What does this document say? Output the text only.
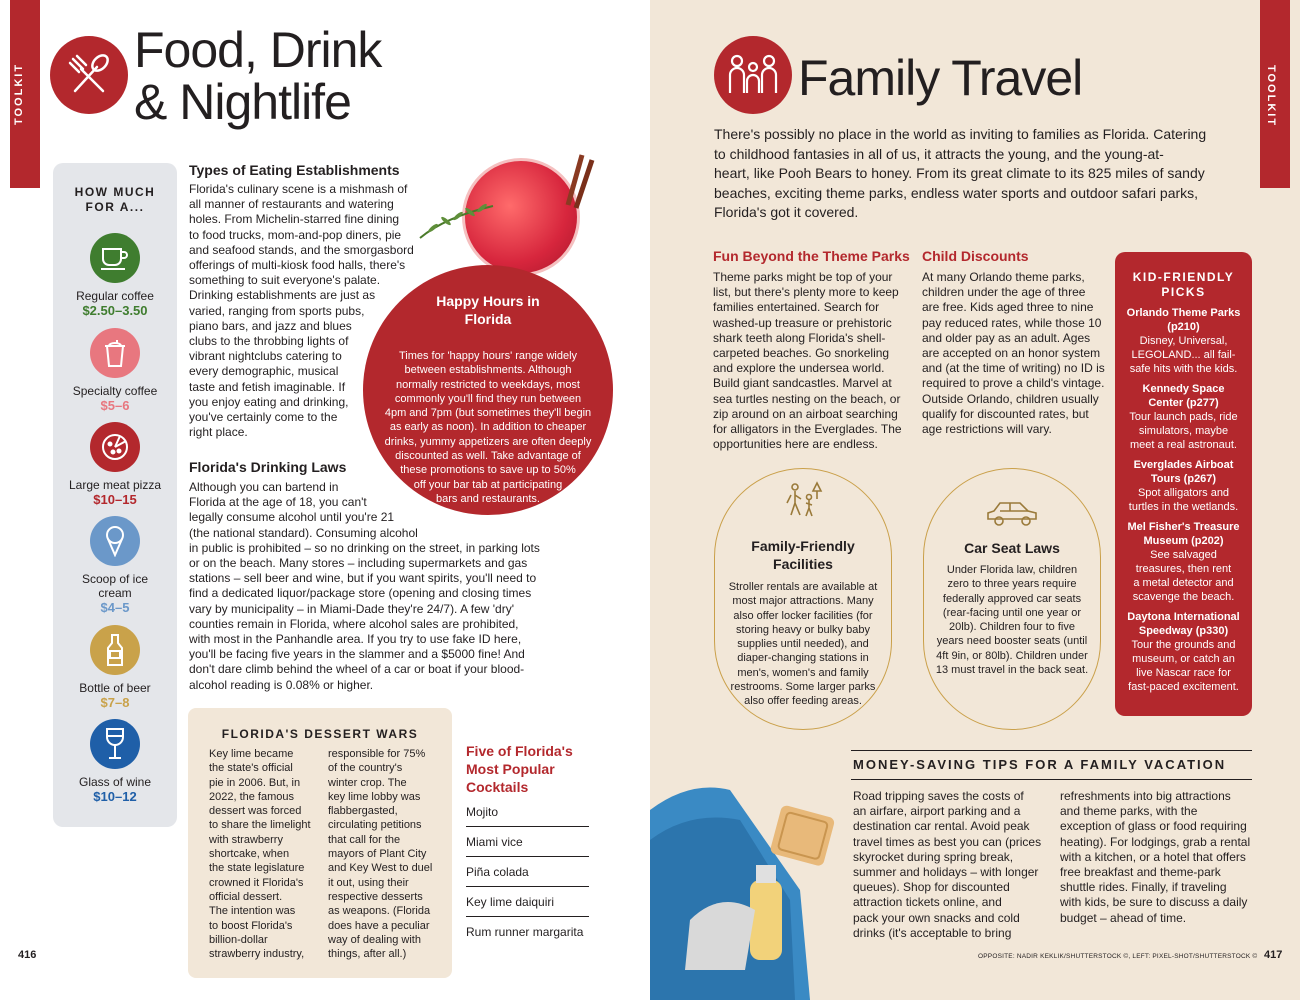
TOOLKIT
Food, Drink
& Nightlife
HOW MUCH
FOR A...
Regular coffee
$2.50–3.50
Specialty coffee
$5–6
Large meat pizza
$10–15
Scoop of ice
cream
$4–5
Bottle of beer
$7–8
Glass of wine
$10–12
Types of Eating Establishments
Florida's culinary scene is a mishmash of
all manner of restaurants and watering
holes. From Michelin-starred fine dining
to food trucks, mom-and-pop diners, pie
and seafood stands, and the smorgasbord
offerings of multi-kiosk food halls, there's
something to suit everyone's palate.
Drinking establishments are just as
varied, ranging from sports pubs,
piano bars, and jazz and blues
clubs to the throbbing lights of
vibrant nightclubs catering to
every demographic, musical
taste and fetish imaginable. If
you enjoy eating and drinking,
you've certainly come to the
right place.
Happy Hours in
Florida
Times for 'happy hours' range widely
between establishments. Although
normally restricted to weekdays, most
commonly you'll find they run between
4pm and 7pm (but sometimes they'll begin
as early as noon). In addition to cheaper
drinks, yummy appetizers are often deeply
discounted as well. Take advantage of
these promotions to save up to 50%
off your bar tab at participating
bars and restaurants.
Florida's Drinking Laws
Although you can bartend in
Florida at the age of 18, you can't
legally consume alcohol until you're 21
(the national standard). Consuming alcohol
in public is prohibited – so no drinking on the street, in parking lots
or on the beach. Many stores – including supermarkets and gas
stations – sell beer and wine, but if you want spirits, you'll need to
find a dedicated liquor/package store (opening and closing times
vary by municipality – in Miami-Dade they're 24/7). A few 'dry'
counties remain in Florida, where alcohol sales are prohibited,
with most in the Panhandle area. If you try to use fake ID here,
you'll be facing five years in the slammer and a $5000 fine! And
don't dare climb behind the wheel of a car or boat if your blood-
alcohol reading is 0.08% or higher.
FLORIDA'S DESSERT WARS
Key lime became
the state's official
pie in 2006. But, in
2022, the famous
dessert was forced
to share the limelight
with strawberry
shortcake, when
the state legislature
crowned it Florida's
official dessert.
The intention was
to boost Florida's
billion-dollar
strawberry industry,
responsible for 75%
of the country's
winter crop. The
key lime lobby was
flabbergasted,
circulating petitions
that call for the
mayors of Plant City
and Key West to duel
it out, using their
respective desserts
as weapons. (Florida
does have a peculiar
way of dealing with
things, after all.)
Five of Florida's
Most Popular
Cocktails
Mojito
Miami vice
Piña colada
Key lime daiquiri
Rum runner margarita
416
TOOLKIT
Family Travel
There's possibly no place in the world as inviting to families as Florida. Catering
to childhood fantasies in all of us, it attracts the young, and the young-at-
heart, like Pooh Bears to honey. From its great climate to its 825 miles of sandy
beaches, exciting theme parks, endless water sports and outdoor safari parks,
Florida's got it covered.
Fun Beyond the Theme Parks
Theme parks might be top of your
list, but there's plenty more to keep
families entertained. Search for
washed-up treasure or prehistoric
shark teeth along Florida's shell-
carpeted beaches. Go snorkeling
and explore the undersea world.
Build giant sandcastles. Marvel at
sea turtles nesting on the beach, or
zip around on an airboat searching
for alligators in the Everglades. The
opportunities here are endless.
Child Discounts
At many Orlando theme parks,
children under the age of three
are free. Kids aged three to nine
pay reduced rates, while those 10
and older pay as an adult. Ages
are accepted on an honor system
and (at the time of writing) no ID is
required to prove a child's vintage.
Outside Orlando, children usually
qualify for discounted rates, but
age restrictions will vary.
Family-Friendly
Facilities
Stroller rentals are available at
most major attractions. Many
also offer locker facilities (for
storing heavy or bulky baby
supplies until needed), and
diaper-changing stations in
men's, women's and family
restrooms. Some larger parks
also offer feeding areas.
Car Seat Laws
Under Florida law, children
zero to three years require
federally approved car seats
(rear-facing until one year or
20lb). Children four to five
years need booster seats (until
4ft 9in, or 80lb). Children under
13 must travel in the back seat.
MONEY-SAVING TIPS FOR A FAMILY VACATION
Road tripping saves the costs of
an airfare, airport parking and a
destination car rental. Avoid peak
travel times as best you can (prices
skyrocket during spring break,
summer and holidays – with longer
queues). Shop for discounted
attraction tickets online, and
pack your own snacks and cold
drinks (it's acceptable to bring
refreshments into big attractions
and theme parks, with the
exception of glass or food requiring
heating). For lodgings, grab a rental
with a kitchen, or a hotel that offers
free breakfast and theme-park
shuttle rides. Finally, if traveling
with kids, be sure to discuss a daily
budget – ahead of time.
OPPOSITE: NADIR KEKLIK/SHUTTERSTOCK ©, LEFT: PIXEL-SHOT/SHUTTERSTOCK © 417
KID-FRIENDLY
PICKS
Orlando Theme Parks
(p210)
Disney, Universal,
LEGOLAND... all fail-
safe hits with the kids.
Kennedy Space
Center (p277)
Tour launch pads, ride
simulators, maybe
meet a real astronaut.
Everglades Airboat
Tours (p267)
Spot alligators and
turtles in the wetlands.
Mel Fisher's Treasure
Museum (p202)
See salvaged
treasures, then rent
a metal detector and
scavenge the beach.
Daytona International
Speedway (p330)
Tour the grounds and
museum, or catch an
live Nascar race for
fast-paced excitement.
